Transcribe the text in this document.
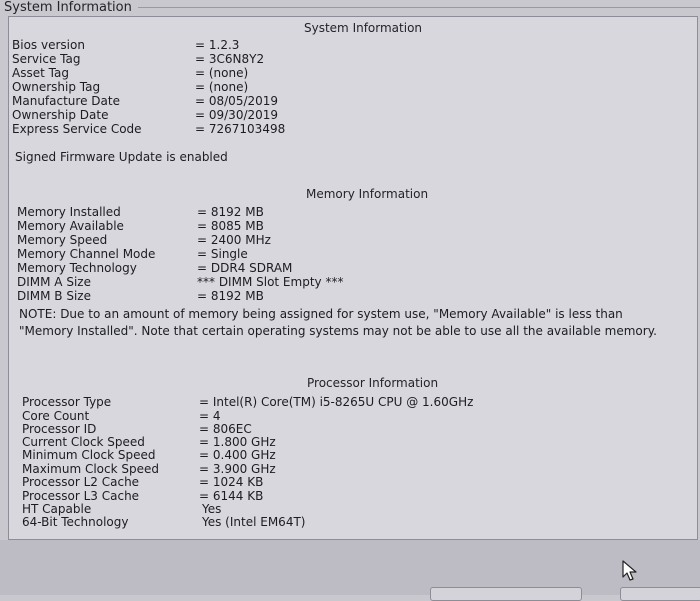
System Information
System Information
Bios version	= 1.2.3
Service Tag	= 3C6N8Y2
Asset Tag	= (none)
Ownership Tag	= (none)
Manufacture Date	= 08/05/2019
Ownership Date	= 09/30/2019
Express Service Code	= 7267103498
Signed Firmware Update is enabled
Memory Information
Memory Installed	= 8192 MB
Memory Available	= 8085 MB
Memory Speed	= 2400 MHz
Memory Channel Mode	= Single
Memory Technology	= DDR4 SDRAM
DIMM A Size	*** DIMM Slot Empty ***
DIMM B Size	= 8192 MB
NOTE: Due to an amount of memory being assigned for system use, "Memory Available" is less than "Memory Installed". Note that certain operating systems may not be able to use all the available memory.
Processor Information
Processor Type	= Intel(R) Core(TM) i5-8265U CPU @ 1.60GHz
Core Count	= 4
Processor ID	= 806EC
Current Clock Speed	= 1.800 GHz
Minimum Clock Speed	= 0.400 GHz
Maximum Clock Speed	= 3.900 GHz
Processor L2 Cache	= 1024 KB
Processor L3 Cache	= 6144 KB
HT Capable	Yes
64-Bit Technology	Yes (Intel EM64T)
